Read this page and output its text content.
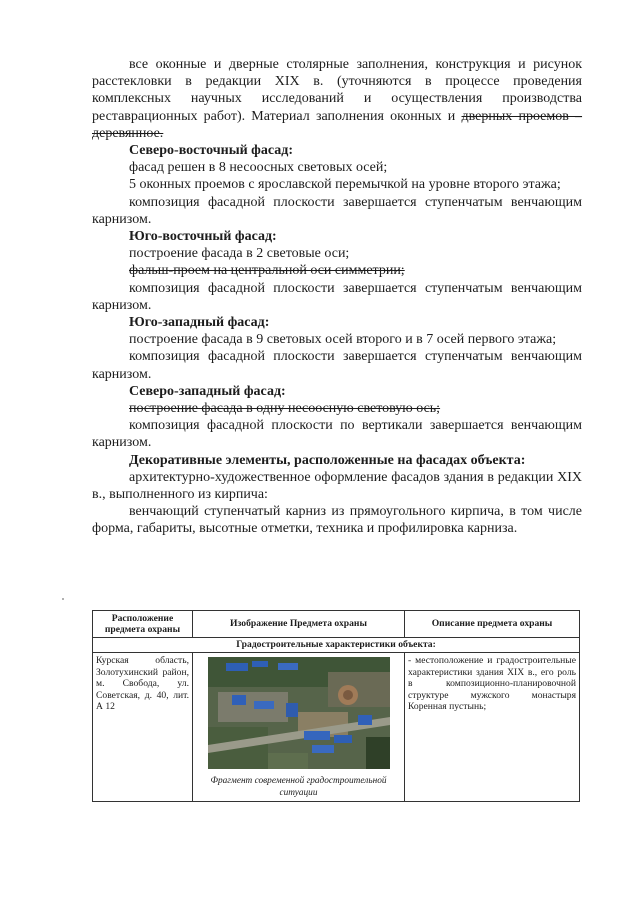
все оконные и дверные столярные заполнения, конструкция и рисунок расстекловки в редакции XIX в. (уточняются в процессе проведения комплексных научных исследований и осуществления производства реставрационных работ). Материал заполнения оконных и дверных проемов – деревянное.

Северо-восточный фасад:

фасад решен в 8 несоосных световых осей;

5 оконных проемов с ярославской перемычкой на уровне второго этажа;

композиция фасадной плоскости завершается ступенчатым венчающим карнизом.

Юго-восточный фасад:

построение фасада в 2 световые оси;

фальш-проем на центральной оси симметрии;

композиция фасадной плоскости завершается ступенчатым венчающим карнизом.

Юго-западный фасад:

построение фасада в 9 световых осей второго и в 7 осей первого этажа;

композиция фасадной плоскости завершается ступенчатым венчающим карнизом.

Северо-западный фасад:

построение фасада в одну несоосную световую ось;

композиция фасадной плоскости по вертикали завершается венчающим карнизом.

Декоративные элементы, расположенные на фасадах объекта:

архитектурно-художественное оформление фасадов здания в редакции XIX в., выполненного из кирпича:

венчающий ступенчатый карниз из прямоугольного кирпича, в том числе форма, габариты, высотные отметки, техника и профилировка карниза.

Расположение предмета охраны	Изображение Предмета охраны	Описание предмета охраны
Градостроительные характеристики объекта:		
Курская область, Золотухинский район, м. Свобода, ул. Советская, д. 40, лит. А 12	Фрагмент современной градостроительной ситуации	- местоположение и градостроительные характеристики здания XIX в., его роль в композиционно-планировочной структуре мужского монастыря Коренная пустынь;
